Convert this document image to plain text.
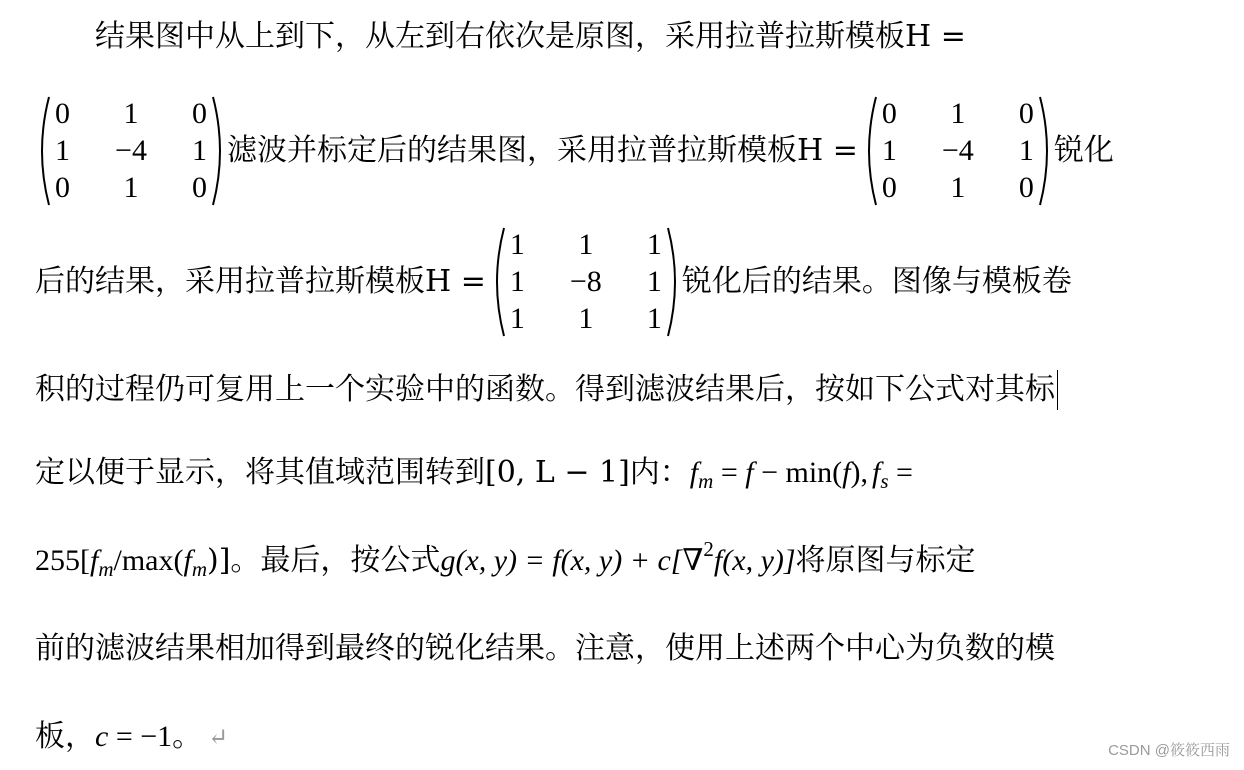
结果图中从上到下，从左到右依次是原图，采用拉普拉斯模板H =
0	1	0
1	−4	1
0	1	0
滤波并标定后的结果图，采用拉普拉斯模板H =
0	1	0
1	−4	1
0	1	0
锐化
后的结果，采用拉普拉斯模板H =
1	1	1
1	−8	1
1	1	1
锐化后的结果。图像与模板卷
积的过程仍可复用上一个实验中的函数。得到滤波结果后，按如下公式对其标
定以便于显示，将其值域范围转到[0, L − 1]内： f m = f − min( f ), f s =
255[ f m /max( f m )]。最后，按公式 g(x, y) = f(x, y) + c[∇ 2 f(x, y)] 将原图与标定
前的滤波结果相加得到最终的锐化结果。注意，使用上述两个中心为负数的模
板， c = −1 。 ↵	CSDN @筱筱西雨
